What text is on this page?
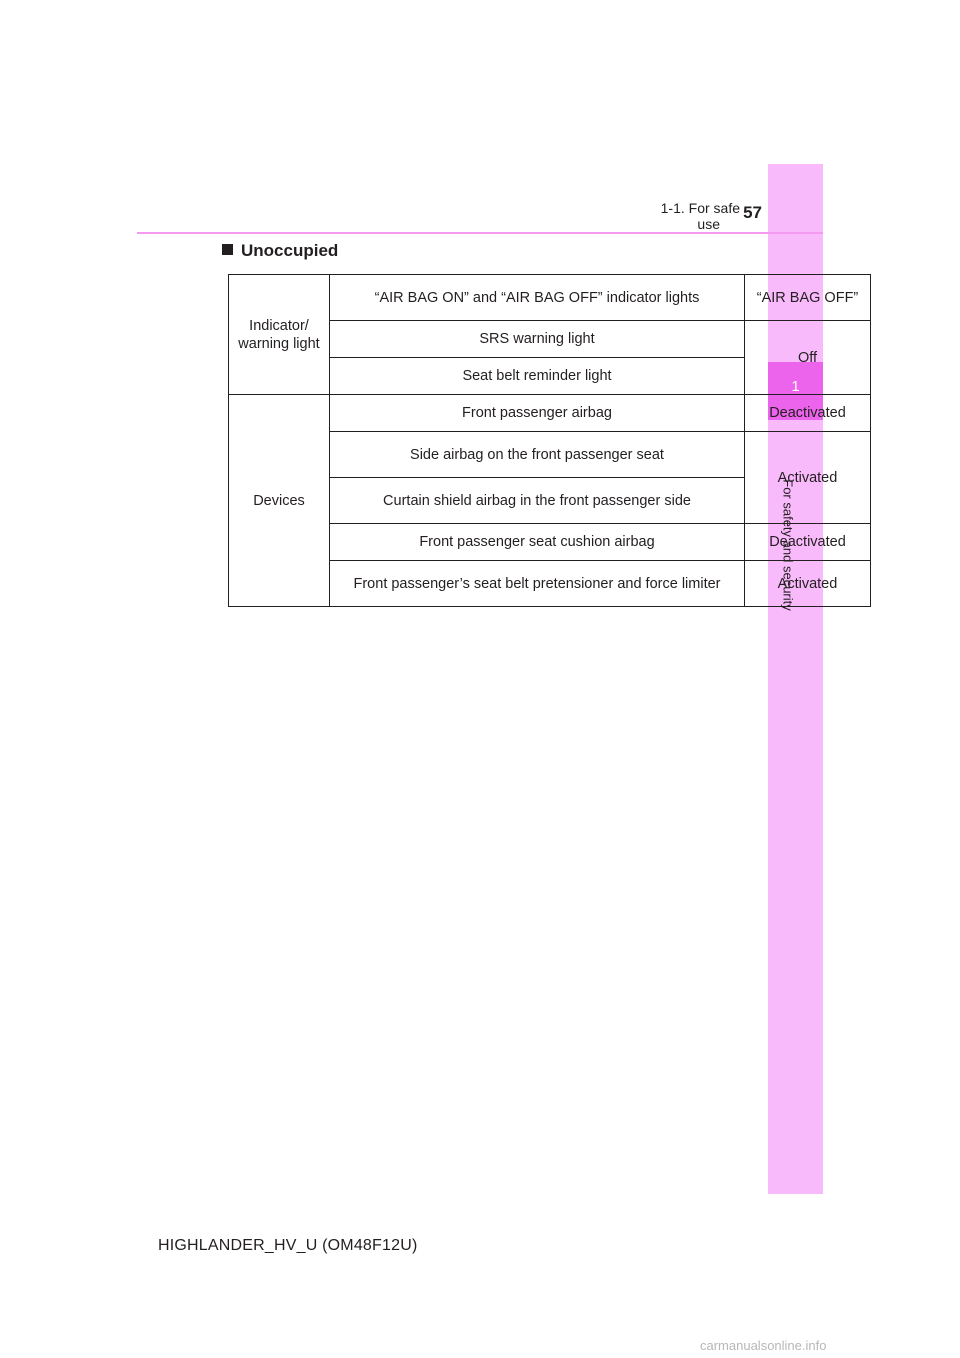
1
For safety and security
1-1. For safe use
57
Unoccupied
Indicator/ warning light	“AIR BAG ON” and “AIR BAG OFF” indicator lights	“AIR BAG OFF”
	SRS warning light	Off
	Seat belt reminder light	
Devices	Front passenger airbag	Deactivated
	Side airbag on the front passenger seat	Activated
	Curtain shield airbag in the front passenger side	
	Front passenger seat cushion airbag	Deactivated
	Front passenger’s seat belt pretensioner and force limiter	Activated
HIGHLANDER_HV_U (OM48F12U)
carmanualsonline.info
